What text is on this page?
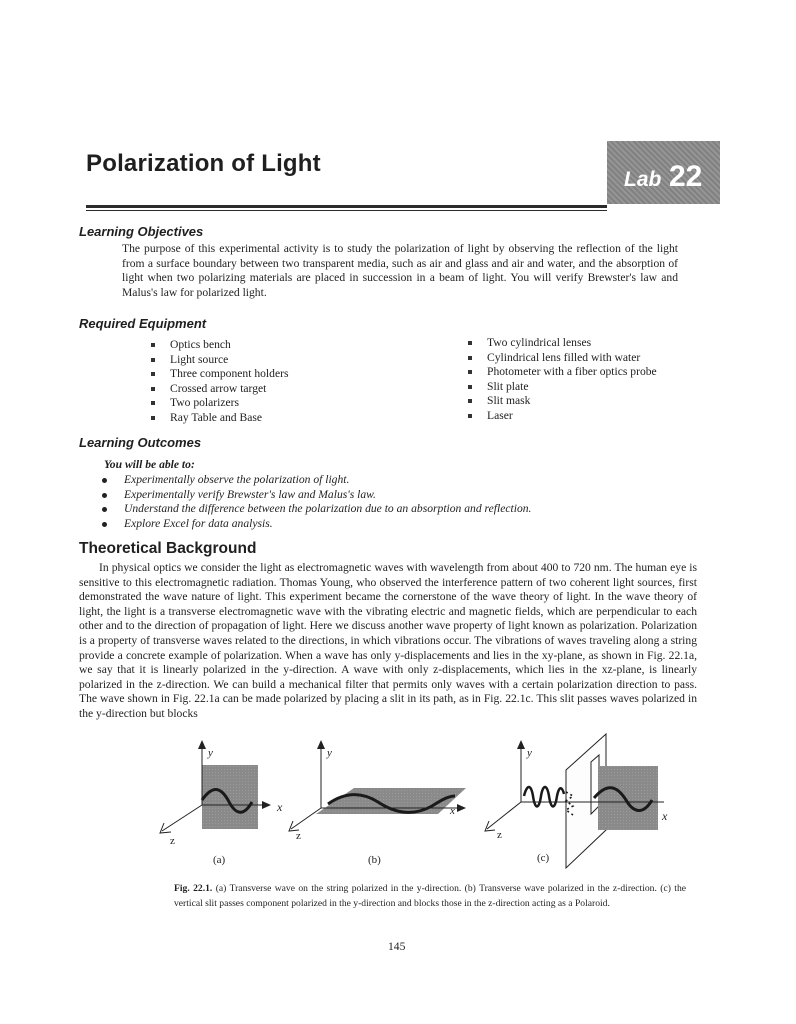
Polarization of Light
Lab 22
Learning Objectives
The purpose of this experimental activity is to study the polarization of light by observing the reflection of the light from a surface boundary between two transparent media, such as air and glass and air and water, and the absorption of light when two polarizing materials are placed in succession in a beam of light. You will verify Brewster's law and Malus's law for polarized light.
Required Equipment
Optics bench
Light source
Three component holders
Crossed arrow target
Two polarizers
Ray Table and Base
Two cylindrical lenses
Cylindrical lens filled with water
Photometer with a fiber optics probe
Slit plate
Slit mask
Laser
Learning Outcomes
You will be able to:
Experimentally observe the polarization of light.
Experimentally verify Brewster's law and Malus's law.
Understand the difference between the polarization due to an absorption and reflection.
Explore Excel for data analysis.
Theoretical Background
In physical optics we consider the light as electromagnetic waves with wavelength from about 400 to 720 nm. The human eye is sensitive to this electromagnetic radiation. Thomas Young, who observed the interference pattern of two coherent light sources, first demonstrated the wave nature of light. This experiment became the cornerstone of the wave theory of light. In the wave theory of light, the light is a transverse electromagnetic wave with the vibrating electric and magnetic fields, which are perpendicular to each other and to the direction of propagation of light. Here we discuss another wave property of light known as polarization. Polarization is a property of transverse waves related to the directions, in which vibrations occur. The vibrations of waves traveling along a string provide a concrete example of polarization. When a wave has only y-displacements and lies in the xy-plane, as shown in Fig. 22.1a, we say that it is linearly polarized in the y-direction. A wave with only z-displacements, which lies in the xz-plane, is linearly polarized in the z-direction. We can build a mechanical filter that permits only waves with a certain polarization direction to pass. The wave shown in Fig. 22.1a can be made polarized by placing a slit in its path, as in Fig. 22.1c. This slit passes waves polarized in the y-direction but blocks
y
x
z
(a)
y
x
z
(b)
y
x
z
(c)
Fig. 22.1. (a) Transverse wave on the string polarized in the y-direction. (b) Transverse wave polarized in the z-direction. (c) the vertical slit passes component polarized in the y-direction and blocks those in the z-direction acting as a Polaroid.
145
